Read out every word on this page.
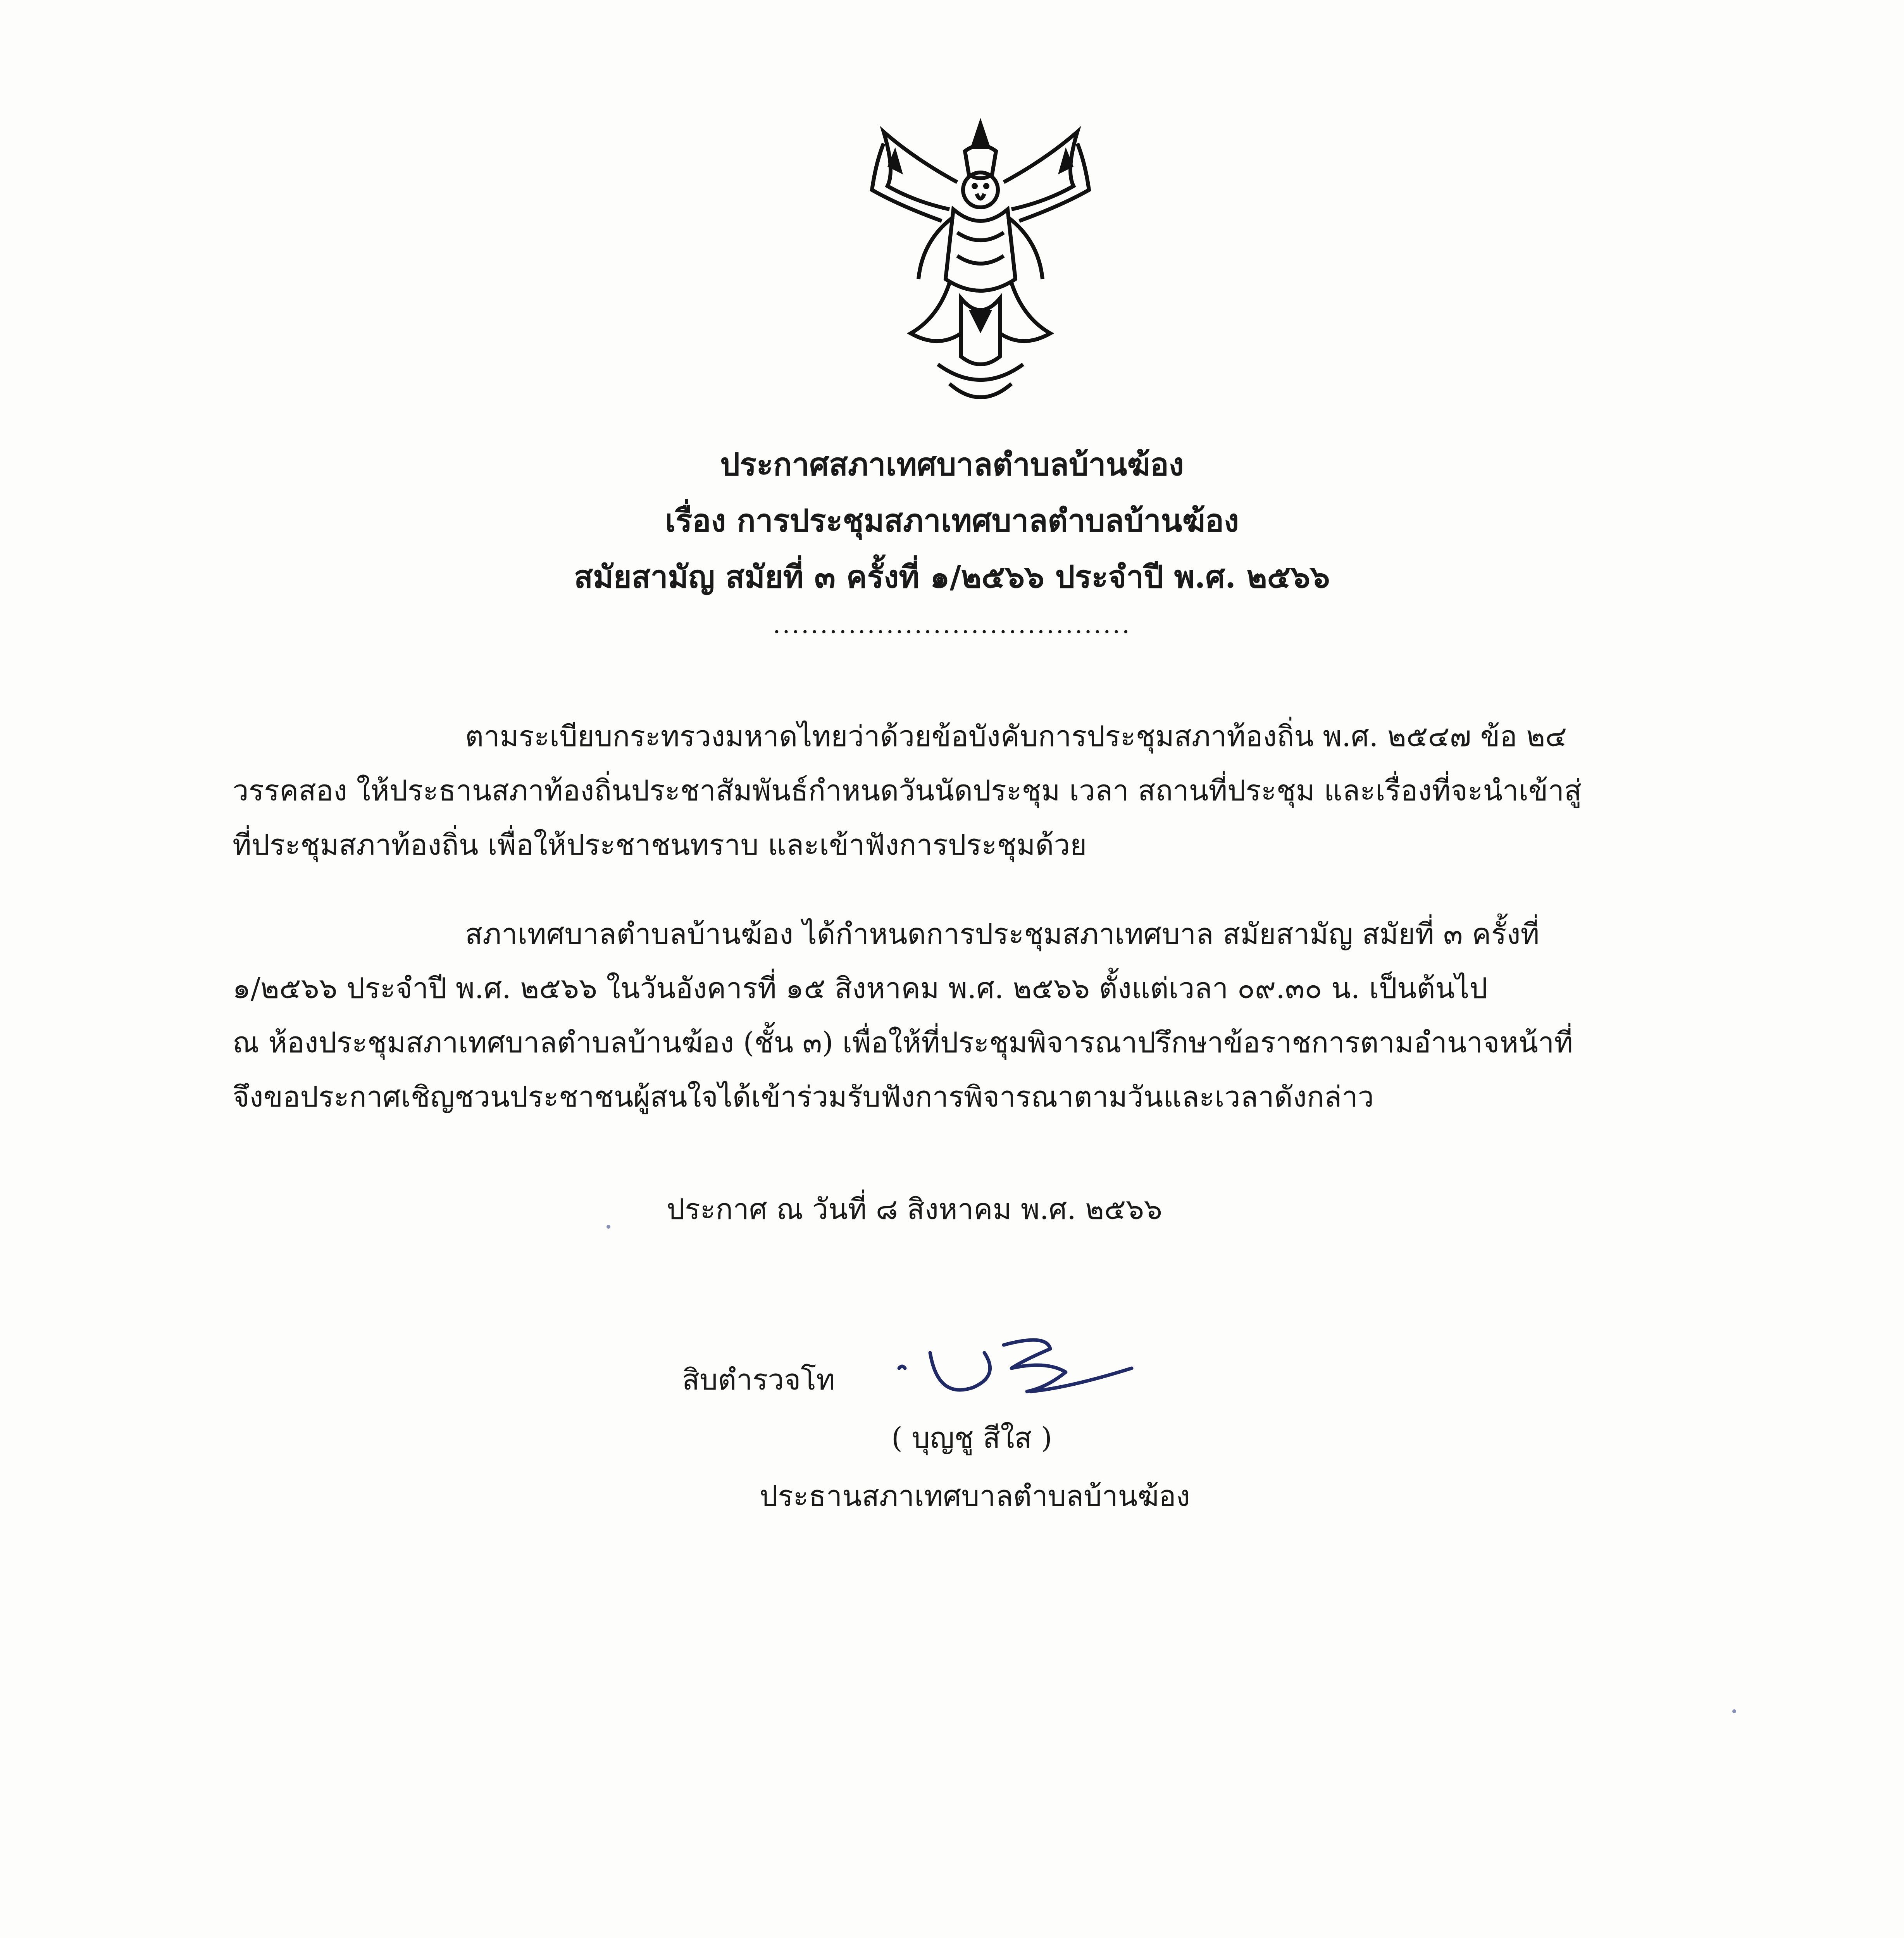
ประกาศสภาเทศบาลตำบลบ้านฆ้อง
เรื่อง การประชุมสภาเทศบาลตำบลบ้านฆ้อง
สมัยสามัญ สมัยที่ ๓ ครั้งที่ ๑/๒๕๖๖ ประจำปี พ.ศ. ๒๕๖๖
......................................
ตามระเบียบกระทรวงมหาดไทยว่าด้วยข้อบังคับการประชุมสภาท้องถิ่น พ.ศ. ๒๕๔๗ ข้อ ๒๔
วรรคสอง ให้ประธานสภาท้องถิ่นประชาสัมพันธ์กำหนดวันนัดประชุม เวลา สถานที่ประชุม และเรื่องที่จะนำเข้าสู่
ที่ประชุมสภาท้องถิ่น เพื่อให้ประชาชนทราบ และเข้าฟังการประชุมด้วย
สภาเทศบาลตำบลบ้านฆ้อง ได้กำหนดการประชุมสภาเทศบาล สมัยสามัญ สมัยที่ ๓ ครั้งที่
๑/๒๕๖๖ ประจำปี พ.ศ. ๒๕๖๖ ในวันอังคารที่ ๑๕ สิงหาคม พ.ศ. ๒๕๖๖ ตั้งแต่เวลา ๐๙.๓๐ น. เป็นต้นไป
ณ ห้องประชุมสภาเทศบาลตำบลบ้านฆ้อง (ชั้น ๓) เพื่อให้ที่ประชุมพิจารณาปรึกษาข้อราชการตามอำนาจหน้าที่
จึงขอประกาศเชิญชวนประชาชนผู้สนใจได้เข้าร่วมรับฟังการพิจารณาตามวันและเวลาดังกล่าว
ประกาศ ณ วันที่ ๘ สิงหาคม พ.ศ. ๒๕๖๖
สิบตำรวจโท
( บุญชู สีใส )
ประธานสภาเทศบาลตำบลบ้านฆ้อง
